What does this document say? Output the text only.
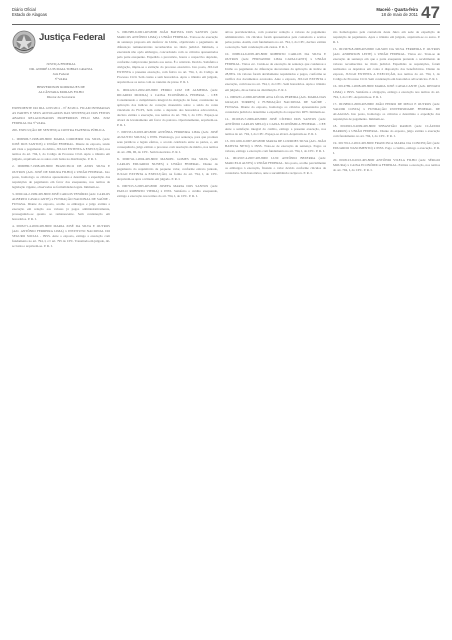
Diário Oficial
Estado de Alagoas
Maceió - Quarta-feira
18 de maio de 2011 47
Justiça Federal
JUSTIÇA FEDERAL
DR. ANDRÉ LUIS MAIA TOBIAS GRANJA
Juiz Federal
5ª VARA
BERVERDSON RODRIGUES DE
ALCÂNTARA MORAIS FILHO
Diretor de Secretaria

EXPEDIENTE DO DIA 12/05/2011 - Nº 82/2011. FICAM INTIMADAS AS PARTES E SEUS ADVOGADOS DAS SENTENÇAS DOS FEITOS ABAIXO RELACIONADOS PROFERIDOS PELO MM. JUIZ FEDERAL DA 5ª VARA.

200- EXECUÇÃO DE SENTENÇA CONTRA FAZENDA PÚBLICA

1- 0000906-7.1998.405.8000 MARIA CORDEIRO DA SILVA (Adv. JOSÉ DOS SANTOS) x UNIÃO FEDERAL. Diante do exposto, tendo em vista o pagamento do débito, JULGO EXTINTA A EXECUÇÃO, nos termos do art. 794, I, do Código de Processo Civil. Após o trânsito em julgado, arquivem-se os autos com baixa na distribuição. P. R. I.

2- 0000880-7.1998.405.8000 FRANCISCO DE ASSIS SILVA E OUTROS (Adv. JOSÉ DE MOURA FILHO) x UNIÃO FEDERAL. Isto posto, homologo os cálculos apresentados e determino a expedição das requisições de pagamento em favor dos exequentes, nos termos da legislação vigente, observadas as formalidades legais. Intimem-se.

3- 0002144-2.1999.405.8000 JOSÉ CARLOS TENÓRIO (Adv. CARLOS ALBERTO CAVALCANTE) x FUNDAÇÃO NACIONAL DE SAÚDE - FUNASA. Diante do exposto, acolho os embargos e julgo extinta a execução em relação aos valores já pagos administrativamente, prosseguindo-se quanto ao remanescente. Sem condenação em honorários. P. R. I.

4- 0003271-4.2000.405.8000 MARIA JOSÉ DA SILVA E OUTROS (Adv. ANTÔNIO FERREIRA LIMA) x INSTITUTO NACIONAL DO SEGURO SOCIAL - INSS. Ante o exposto, extingo a execução com fundamento no art. 794, I, c/c art. 795 do CPC. Transitada em julgado, dê-se baixa e arquivem-se. P. R. I.

5- 0002388-9.2001.405.8000 JOÃO BATISTA DOS SANTOS (Adv. MARCOS ANTÔNIO LIMA) x UNIÃO FEDERAL. Trata-se de execução de sentença proposta em desfavor da União, objetivando o pagamento de diferenças remuneratórias reconhecidas no título judicial. Intimada, a executada não opôs embargos, concordando com os cálculos apresentados pela parte exequente. Expedido o precatório, houve o respectivo depósito, conforme comprovante juntado aos autos. É o relatório. Decido. Satisfeita a obrigação, impõe-se a extinção do processo executivo. Isto posto, JULGO EXTINTA a presente execução, com fulcro no art. 794, I, do Código de Processo Civil. Sem custas e sem honorários. Após o trânsito em julgado, arquivem-se os autos com as cautelas de praxe. P. R. I.

6- 0004120-5.2002.405.8000 PEDRO LUIZ DE ALMEIDA (Adv. RICARDO MOURA) x CAIXA ECONÔMICA FEDERAL - CEF. Considerando o cumprimento integral da obrigação de fazer, consistente na aplicação dos índices de correção monetária sobre o saldo da conta vinculada do FGTS, bem como o depósito dos honorários advocatícios, declaro extinta a execução, nos termos do art. 794, I, do CPC. Expeça-se alvará de levantamento em favor do patrono. Oportunamente, arquivem-se. P. R. I.

7- 0005331-8.2003.405.8000 ANTÔNIA FERREIRA LIMA (Adv. JOSÉ AUGUSTO SOUZA) x INSS. Homologo, por sentença, para que produza seus jurídicos e legais efeitos, o acordo celebrado entre as partes, e, em consequência, julgo extinto o processo com resolução de mérito, nos termos do art. 269, III, do CPC. Sem honorários. P. R. I.

8- 0006742-1.2004.405.8000 MANOEL GOMES DA SILVA (Adv. CARLOS EDUARDO NUNES) x UNIÃO FEDERAL. Diante do pagamento do requisitório de pequeno valor, conforme extrato juntado, JULGO EXTINTA A EXECUÇÃO, na forma do art. 794, I, do CPC. Arquivem-se após o trânsito em julgado. P. R. I.

9- 0007015-3.2005.405.8000 JOSEFA MARIA DOS SANTOS (Adv. PAULO ROBERTO VIEIRA) x INSS. Satisfeito o crédito exequendo, extingo a execução nos termos do art. 794, I, do CPC. P. R. I.

ativos previdenciários, com posterior redução a valores de pagamento administrativo. Os cálculos foram apresentados pela contadoria e aceitos pelas partes. Assim, com fundamento no art. 794, I, do CPC, declaro extinta a execução. Sem condenação em custas. P. R. I.

10- 0008124-6.2005.405.8000 ROBERTO CARLOS DA SILVA E OUTROS (Adv. FERNANDO LIMA CAVALCANTI) x UNIÃO FEDERAL. Vistos etc. Cuida-se de execução de sentença que condenou a União ao pagamento de diferenças decorrentes da aplicação do índice de 28,86%. Os valores foram devidamente requisitados e pagos, conforme se verifica dos documentos acostados. Ante o exposto, JULGO EXTINTA a execução, com base no art. 794, I, do CPC. Sem honorários. Após o trânsito em julgado, dê-se baixa na distribuição. P. R. I.

11- 0009231-2.2006.405.8000 ANA LÚCIA PEREIRA (Adv. MARIA DAS GRAÇAS TORRES) x FUNDAÇÃO NACIONAL DE SAÚDE - FUNASA. Diante do exposto, homologo os cálculos apresentados pela contadoria judicial e determino a expedição do respectivo RPV. Intimem-se.

12- 0010345-7.2006.405.8000 JOSÉ CÍCERO DOS SANTOS (Adv. ANTÔNIO CARLOS MELO) x CAIXA ECONÔMICA FEDERAL - CEF. Ante a satisfação integral do crédito, extingo a presente execução, nos termos do art. 794, I, do CPC. Expeça-se alvará. Arquivem-se. P. R. I.

13- 0011456-0.2007.405.8000 MARIA DE LOURDES SILVA (Adv. JOÃO BATISTA NETO) x INSS. Trata-se de execução de sentença. Pagos os valores, extingo a execução com fundamento no art. 794, I, do CPC. P. R. I.

14- 0012567-4.2007.405.8000 LUIZ ANTÔNIO BEZERRA (Adv. MARCELO ALVES) x UNIÃO FEDERAL. Isto posto, acolho parcialmente os embargos à execução, fixando o valor devido conforme cálculos da contadoria. Sem honorários, ante a sucumbência recíproca. P. R. I.

são homologados pela contadoria deste Juízo em sede de expedição de requisição de pagamento. Após o trânsito em julgado, arquivem-se os autos. P. R. I.

15- 0013678-8.2008.405.8000 GILSON DA SILVA FERREIRA E OUTROS (Adv. ANDERSON LEITE) x UNIÃO FEDERAL. Vistos etc. Trata-se de execução de sentença em que a parte exequente pretende o recebimento de valores reconhecidos no título judicial. Expedidas as requisições, foram realizados os depósitos em conta à disposição dos beneficiários. Diante do exposto, JULGO EXTINTA A EXECUÇÃO, nos termos do art. 794, I, do Código de Processo Civil. Sem condenação em honorários advocatícios. P. R. I.

16- 0014789-1.2008.405.8000 MARIA JOSÉ CAVALCANTE (Adv. RENATO LIMA) x INSS. Satisfeita a obrigação, extingo a execução nos termos do art. 794, I, do CPC. Arquivem-se. P. R. I.

17- 0015890-5.2009.405.8000 JOÃO PEDRO DE MELO E OUTROS (Adv. VALDIR COSTA) x FUNDAÇÃO UNIVERSIDADE FEDERAL DE ALAGOAS. Isto posto, homologo os cálculos e determino a expedição das requisições de pagamento. Intimem-se.

18- 0016901-9.2009.405.8000 SEBASTIÃO RAMOS (Adv. CLÁUDIO BARROS) x UNIÃO FEDERAL. Diante do exposto, julgo extinta a execução com fundamento no art. 794, I, do CPC. P. R. I.

19- 0017012-2.2010.405.8000 FRANCISCA MARIA DA CONCEIÇÃO (Adv. EDUARDO NASCIMENTO) x INSS. Pago o crédito, extingo a execução. P. R. I.

20- 0018123-6.2010.405.8000 ANTÔNIO VILELA FILHO (Adv. SÉRGIO MOURA) x CAIXA ECONÔMICA FEDERAL. Extinta a execução, nos termos do art. 794, I, do CPC. P. R. I.
